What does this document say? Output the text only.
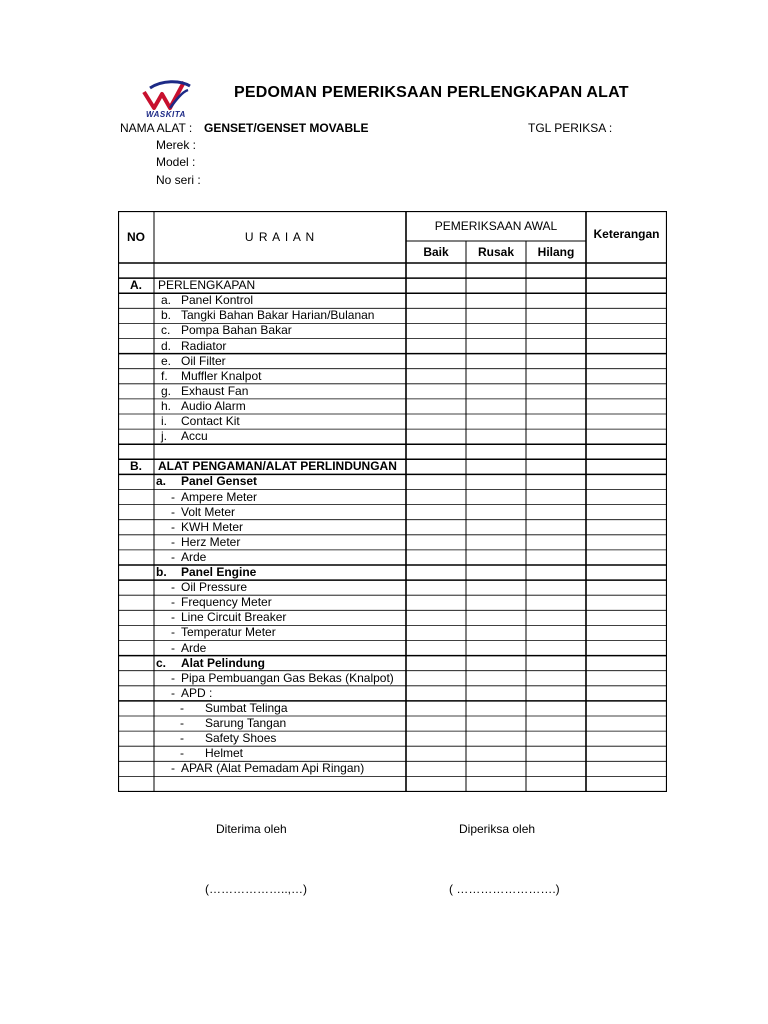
WASKITA
PEDOMAN PEMERIKSAAN PERLENGKAPAN ALAT
NAMA ALAT : GENSET/GENSET MOVABLE	TGL PERIKSA :
Merek :
Model :
No seri :
NO	U R A I A N
PEMERIKSAAN AWAL
Baik	Rusak	Hilang
Keterangan
A. PERLENGKAPAN
a. Panel Kontrol
b. Tangki Bahan Bakar Harian/Bulanan
c. Pompa Bahan Bakar
d. Radiator
e. Oil Filter
f. Muffler Knalpot
g. Exhaust Fan
h. Audio Alarm
i. Contact Kit
j. Accu
B. ALAT PENGAMAN/ALAT PERLINDUNGAN
a. Panel Genset
- Ampere Meter
- Volt Meter
- KWH Meter
- Herz Meter
- Arde
b. Panel Engine
- Oil Pressure
- Frequency Meter
- Line Circuit Breaker
- Temperatur Meter
- Arde
c. Alat Pelindung
- Pipa Pembuangan Gas Bekas (Knalpot)
- APD :
- Sumbat Telinga
- Sarung Tangan
- Safety Shoes
- Helmet
- APAR (Alat Pemadam Api Ringan)
Diterima oleh	Diperiksa oleh
(………………..,…)	( …………………….)
